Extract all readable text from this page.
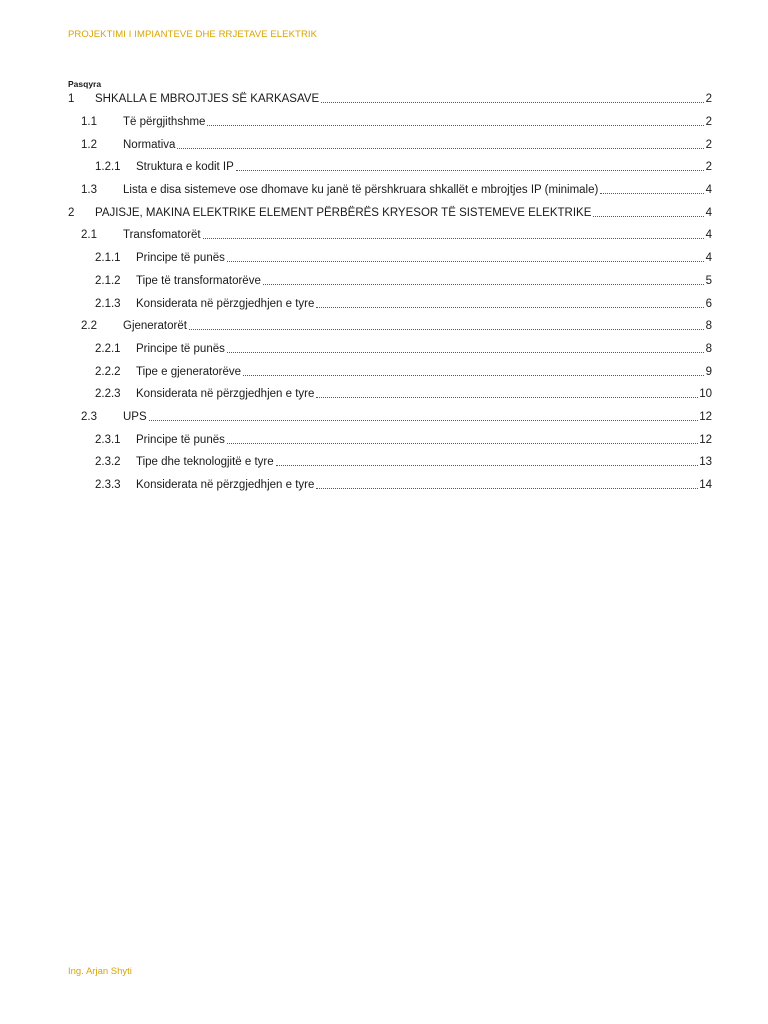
PROJEKTIMI I IMPIANTEVE DHE RRJETAVE ELEKTRIK
Pasqyra
1	SHKALLA E MBROJTJES SË KARKASAVE	2
1.1	Të përgjithshme	2
1.2	Normativa	2
1.2.1	Struktura e kodit IP	2
1.3	Lista e disa sistemeve ose dhomave ku janë të përshkruara shkallët e mbrojtjes IP (minimale)	4
2	PAJISJE, MAKINA ELEKTRIKE ELEMENT PËRBËRËS KRYESOR TË SISTEMEVE ELEKTRIKE	4
2.1	Transfomatorët	4
2.1.1	Principe të punës	4
2.1.2	Tipe të transformatorëve	5
2.1.3	Konsiderata në përzgjedhjen e tyre	6
2.2	Gjeneratorët	8
2.2.1	Principe të punës	8
2.2.2	Tipe e gjeneratorëve	9
2.2.3	Konsiderata në përzgjedhjen e tyre	10
2.3	UPS	12
2.3.1	Principe të punës	12
2.3.2	Tipe dhe teknologjitë e tyre	13
2.3.3	Konsiderata në përzgjedhjen e tyre	14
Ing. Arjan Shyti
